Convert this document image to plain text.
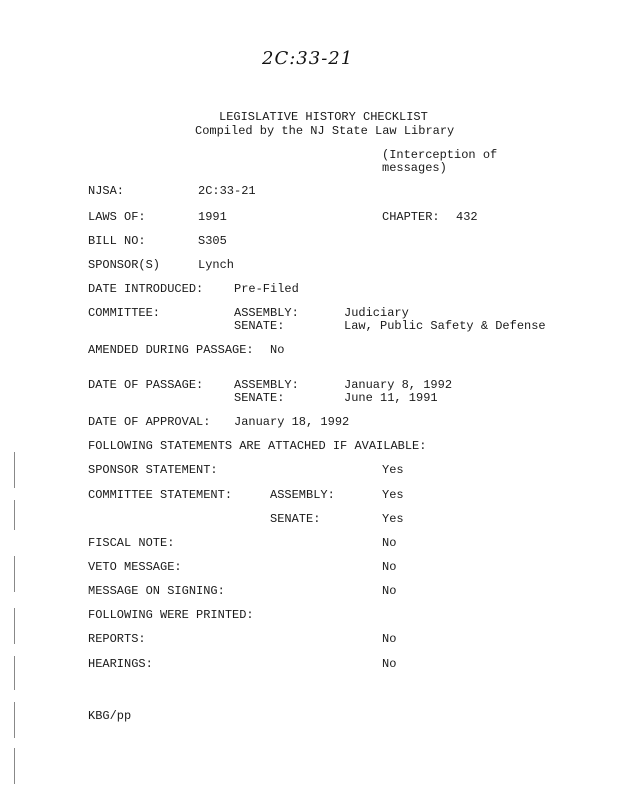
2C:33-21
LEGISLATIVE HISTORY CHECKLIST
Compiled by the NJ State Law Library
(Interception of
messages)
NJSA:	2C:33-21
LAWS OF:	1991	CHAPTER: 432
BILL NO:	S305
SPONSOR(S)	Lynch
DATE INTRODUCED:	Pre-Filed
COMMITTEE:	ASSEMBLY:	Judiciary
SENATE:	Law, Public Safety & Defense
AMENDED DURING PASSAGE: No
DATE OF PASSAGE:	ASSEMBLY:	January 8, 1992
SENATE:	June 11, 1991
DATE OF APPROVAL: January 18, 1992
FOLLOWING STATEMENTS ARE ATTACHED IF AVAILABLE:
SPONSOR STATEMENT:	Yes
COMMITTEE STATEMENT:	ASSEMBLY:	Yes
SENATE:	Yes
FISCAL NOTE:	No
VETO MESSAGE:	No
MESSAGE ON SIGNING:	No
FOLLOWING WERE PRINTED:
REPORTS:	No
HEARINGS:	No
KBG/pp
